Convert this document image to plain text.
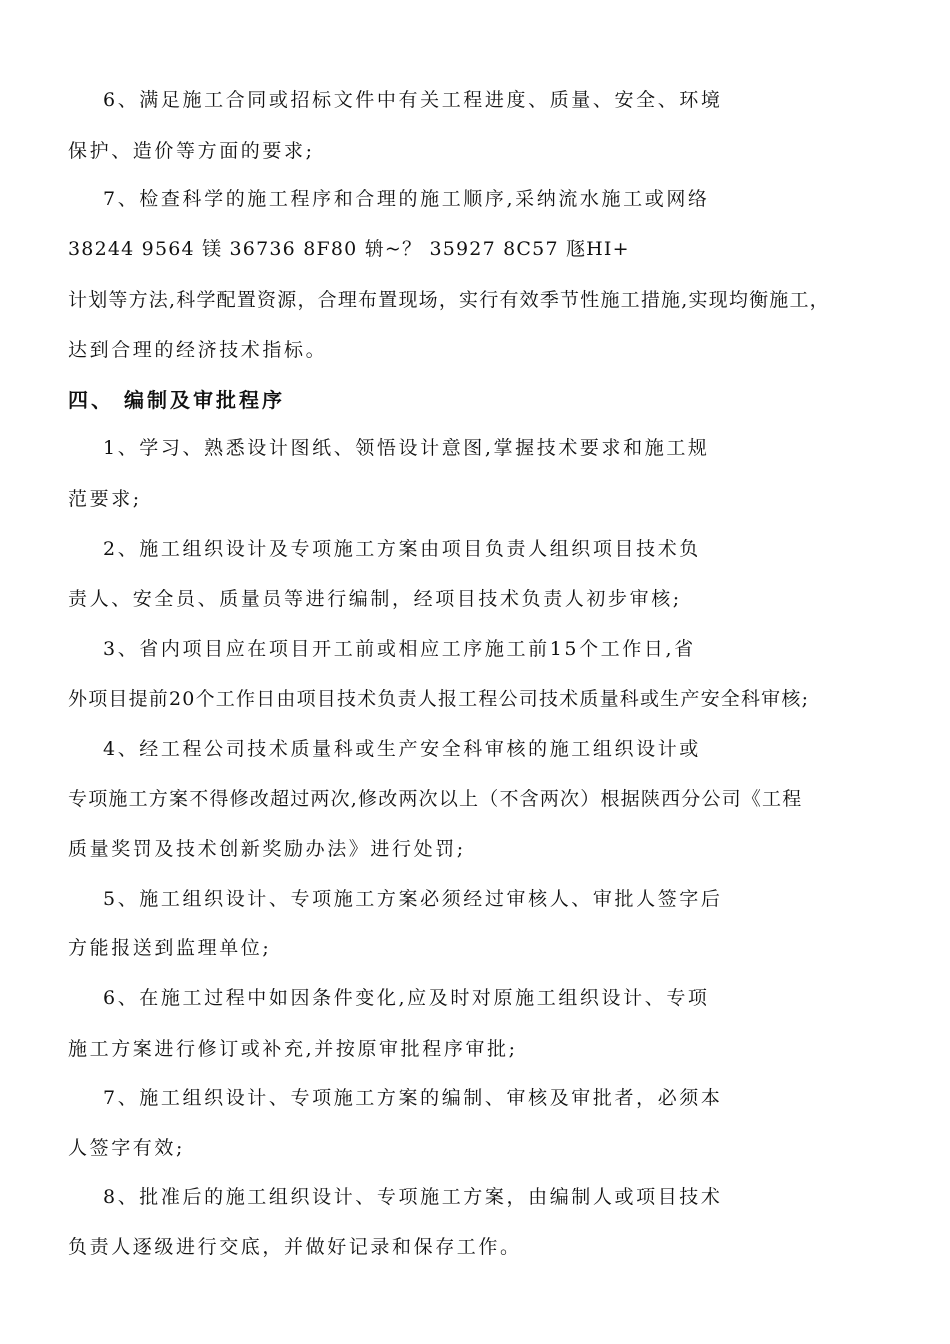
6、满足施工合同或招标文件中有关工程进度、质量、安全、环境
保护、造价等方面的要求;
7、检查科学的施工程序和合理的施工顺序,采纳流水施工或网络
38244 9564 镁 36736 8F80 辀~？ 35927 8C57 豗HI+
计划等方法,科学配置资源，合理布置现场，实行有效季节性施工措施,实现均衡施工，
达到合理的经济技术指标。
四、 编制及审批程序
1、学习、熟悉设计图纸、领悟设计意图,掌握技术要求和施工规
范要求;
2、施工组织设计及专项施工方案由项目负责人组织项目技术负
责人、安全员、质量员等进行编制，经项目技术负责人初步审核;
3、省内项目应在项目开工前或相应工序施工前15个工作日,省
外项目提前20个工作日由项目技术负责人报工程公司技术质量科或生产安全科审核;
4、经工程公司技术质量科或生产安全科审核的施工组织设计或
专项施工方案不得修改超过两次,修改两次以上（不含两次）根据陕西分公司《工程
质量奖罚及技术创新奖励办法》进行处罚;
5、施工组织设计、专项施工方案必须经过审核人、审批人签字后
方能报送到监理单位;
6、在施工过程中如因条件变化,应及时对原施工组织设计、专项
施工方案进行修订或补充,并按原审批程序审批;
7、施工组织设计、专项施工方案的编制、审核及审批者，必须本
人签字有效;
8、批准后的施工组织设计、专项施工方案，由编制人或项目技术
负责人逐级进行交底，并做好记录和保存工作。
